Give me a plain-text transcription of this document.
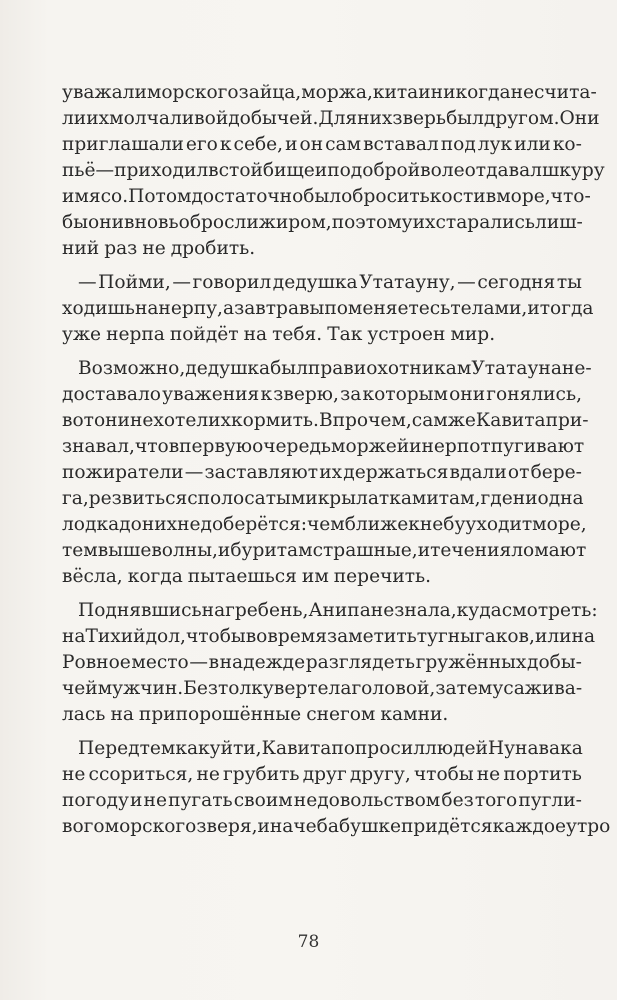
уважали морского зайца, моржа, кита и никогда не счита-
ли их молчаливой добычей. Для них зверь был другом. Они
приглашали его к себе, и он сам вставал под лук или ко-
пьё — приходил в стойбище и по доброй воле отдавал шкуру
и мясо. Потом достаточно было бросить кости в море, что-
бы они вновь обросли жиром, поэтому их старались лиш-
ний раз не дробить.
— Пойми, — говорил дедушка Утатауну, — сегодня ты
ходишь на нерпу, а завтра вы поменяетесь телами, и тогда
уже нерпа пойдёт на тебя. Так устроен мир.
Возможно, дедушка был прав и охотникам Утатауна не-
доставало уважения к зверю, за которым они гонялись,
вот он и не хотел их кормить. Впрочем, сам же Кавита при-
знавал, что в первую очередь моржей и нерп отпугивают
пожиратели — заставляют их держаться вдали от бере-
га, резвиться с полосатыми крылатками там, где ни одна
лодка до них не доберётся: чем ближе к небу уходит море,
тем выше волны, и бури там страшные, и течения ломают
вёсла, когда пытаешься им перечить.
Поднявшись на гребень, Анипа не знала, куда смотреть:
на Тихий дол, чтобы вовремя заметить тугныгаков, или на
Ровное место — в надежде разглядеть гружённых добы-
чей мужчин. Без толку вертела головой, затем усажива-
лась на припорошённые снегом камни.
Перед тем как уйти, Кавита попросил людей Нунавака
не ссориться, не грубить друг другу, чтобы не портить
погоду и не пугать своим недовольством без того пугли-
вого морского зверя, иначе бабушке придётся каждое утро
78
